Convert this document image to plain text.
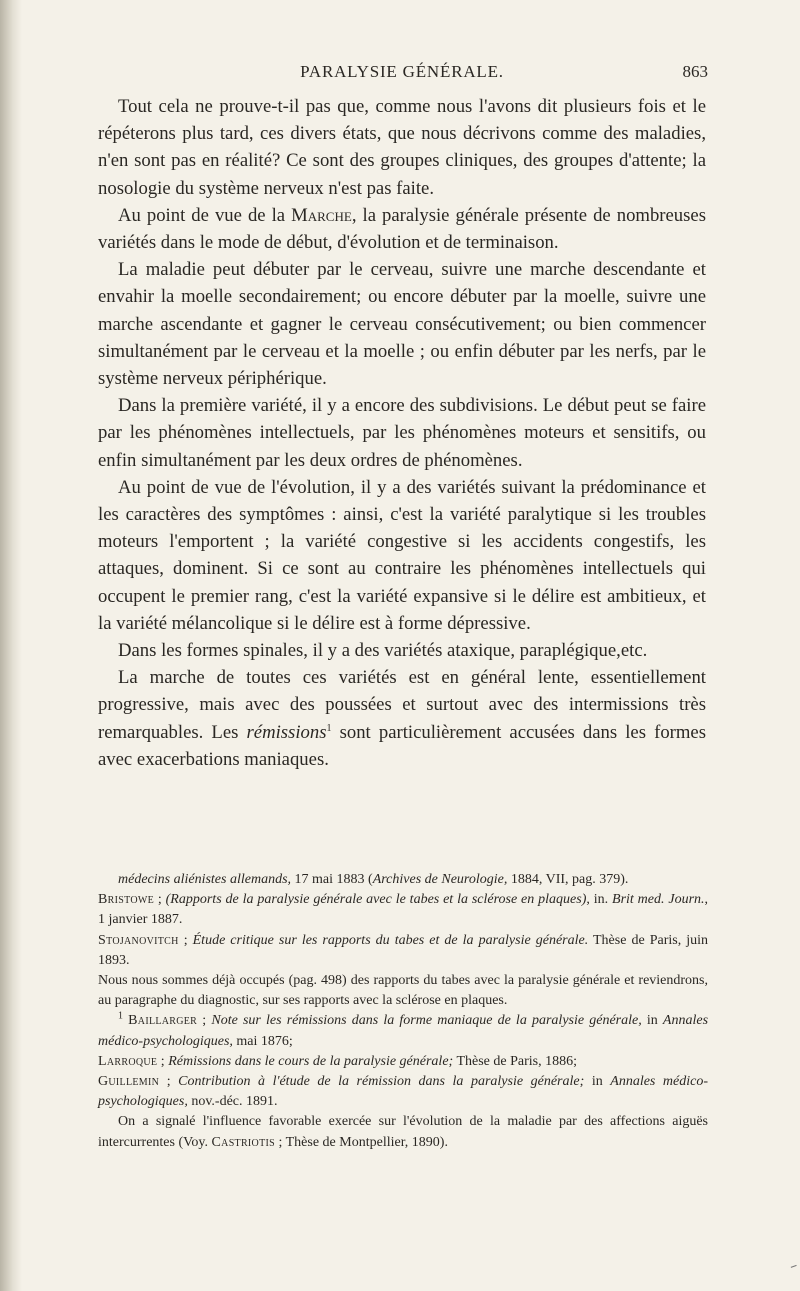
PARALYSIE GÉNÉRALE.	863

Tout cela ne prouve-t-il pas que, comme nous l'avons dit plusieurs fois et le répéterons plus tard, ces divers états, que nous décrivons comme des maladies, n'en sont pas en réalité? Ce sont des groupes cliniques, des groupes d'attente; la nosologie du système nerveux n'est pas faite.

Au point de vue de la Marche, la paralysie générale présente de nombreuses variétés dans le mode de début, d'évolution et de terminaison.

La maladie peut débuter par le cerveau, suivre une marche descendante et envahir la moelle secondairement; ou encore débuter par la moelle, suivre une marche ascendante et gagner le cerveau consécutivement; ou bien commencer simultanément par le cerveau et la moelle ; ou enfin débuter par les nerfs, par le système nerveux périphérique.

Dans la première variété, il y a encore des subdivisions. Le début peut se faire par les phénomènes intellectuels, par les phénomènes moteurs et sensitifs, ou enfin simultanément par les deux ordres de phénomènes.

Au point de vue de l'évolution, il y a des variétés suivant la prédominance et les caractères des symptômes : ainsi, c'est la variété paralytique si les troubles moteurs l'emportent ; la variété congestive si les accidents congestifs, les attaques, dominent. Si ce sont au contraire les phénomènes intellectuels qui occupent le premier rang, c'est la variété expansive si le délire est ambitieux, et la variété mélancolique si le délire est à forme dépressive.

Dans les formes spinales, il y a des variétés ataxique, paraplégique,etc.

La marche de toutes ces variétés est en général lente, essentiellement progressive, mais avec des poussées et surtout avec des intermissions très remarquables. Les rémissions$^1$ sont particulièrement accusées dans les formes avec exacerbations maniaques.

médecins aliénistes allemands, 17 mai 1883 (Archives de Neurologie, 1884, VII, pag. 379).

Bristowe ; (Rapports de la paralysie générale avec le tabes et la sclérose en plaques), in. Brit med. Journ., 1 janvier 1887.

Stojanovitch ; Étude critique sur les rapports du tabes et de la paralysie générale. Thèse de Paris, juin 1893.

Nous nous sommes déjà occupés (pag. 498) des rapports du tabes avec la paralysie générale et reviendrons, au paragraphe du diagnostic, sur ses rapports avec la sclérose en plaques.

$^1$ Baillarger ; Note sur les rémissions dans la forme maniaque de la paralysie générale, in Annales médico-psychologiques, mai 1876;

Larroque ; Rémissions dans le cours de la paralysie générale; Thèse de Paris, 1886;

Guillemin ; Contribution à l'étude de la rémission dans la paralysie générale; in Annales médico-psychologiques, nov.-déc. 1891.

On a signalé l'influence favorable exercée sur l'évolution de la maladie par des affections aiguës intercurrentes (Voy. Castriotis ; Thèse de Montpellier, 1890).
